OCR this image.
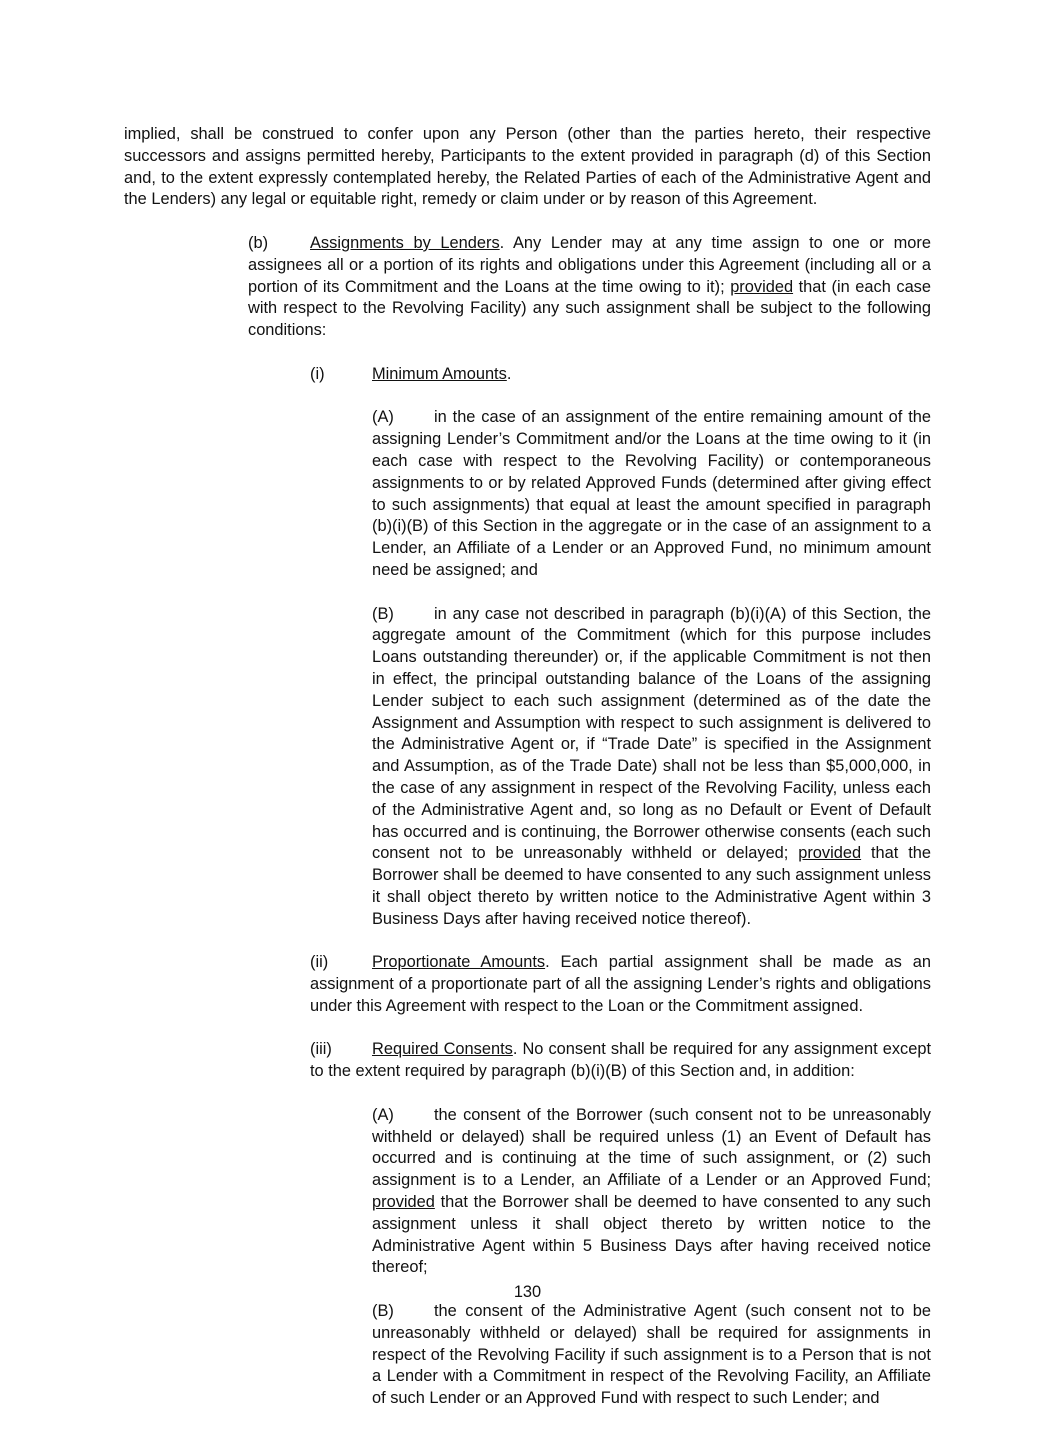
implied, shall be construed to confer upon any Person (other than the parties hereto, their respective successors and assigns permitted hereby, Participants to the extent provided in paragraph (d) of this Section and, to the extent expressly contemplated hereby, the Related Parties of each of the Administrative Agent and the Lenders) any legal or equitable right, remedy or claim under or by reason of this Agreement.

(b)	Assignments by Lenders. Any Lender may at any time assign to one or more assignees all or a portion of its rights and obligations under this Agreement (including all or a portion of its Commitment and the Loans at the time owing to it); provided that (in each case with respect to the Revolving Facility) any such assignment shall be subject to the following conditions:

(i)	Minimum Amounts.

(A) in the case of an assignment of the entire remaining amount of the assigning Lender’s Commitment and/or the Loans at the time owing to it (in each case with respect to the Revolving Facility) or contemporaneous assignments to or by related Approved Funds (determined after giving effect to such assignments) that equal at least the amount specified in paragraph (b)(i)(B) of this Section in the aggregate or in the case of an assignment to a Lender, an Affiliate of a Lender or an Approved Fund, no minimum amount need be assigned; and

(B) in any case not described in paragraph (b)(i)(A) of this Section, the aggregate amount of the Commitment (which for this purpose includes Loans outstanding thereunder) or, if the applicable Commitment is not then in effect, the principal outstanding balance of the Loans of the assigning Lender subject to each such assignment (determined as of the date the Assignment and Assumption with respect to such assignment is delivered to the Administrative Agent or, if “Trade Date” is specified in the Assignment and Assumption, as of the Trade Date) shall not be less than $5,000,000, in the case of any assignment in respect of the Revolving Facility, unless each of the Administrative Agent and, so long as no Default or Event of Default has occurred and is continuing, the Borrower otherwise consents (each such consent not to be unreasonably withheld or delayed; provided that the Borrower shall be deemed to have consented to any such assignment unless it shall object thereto by written notice to the Administrative Agent within 3 Business Days after having received notice thereof).

(ii)	Proportionate Amounts. Each partial assignment shall be made as an assignment of a proportionate part of all the assigning Lender’s rights and obligations under this Agreement with respect to the Loan or the Commitment assigned.

(iii) Required Consents. No consent shall be required for any assignment except to the extent required by paragraph (b)(i)(B) of this Section and, in addition:

(A) the consent of the Borrower (such consent not to be unreasonably withheld or delayed) shall be required unless (1) an Event of Default has occurred and is continuing at the time of such assignment, or (2) such assignment is to a Lender, an Affiliate of a Lender or an Approved Fund; provided that the Borrower shall be deemed to have consented to any such assignment unless it shall object thereto by written notice to the Administrative Agent within 5 Business Days after having received notice thereof;

(B) the consent of the Administrative Agent (such consent not to be unreasonably withheld or delayed) shall be required for assignments in respect of the Revolving Facility if such assignment is to a Person that is not a Lender with a Commitment in respect of the Revolving Facility, an Affiliate of such Lender or an Approved Fund with respect to such Lender; and

130
